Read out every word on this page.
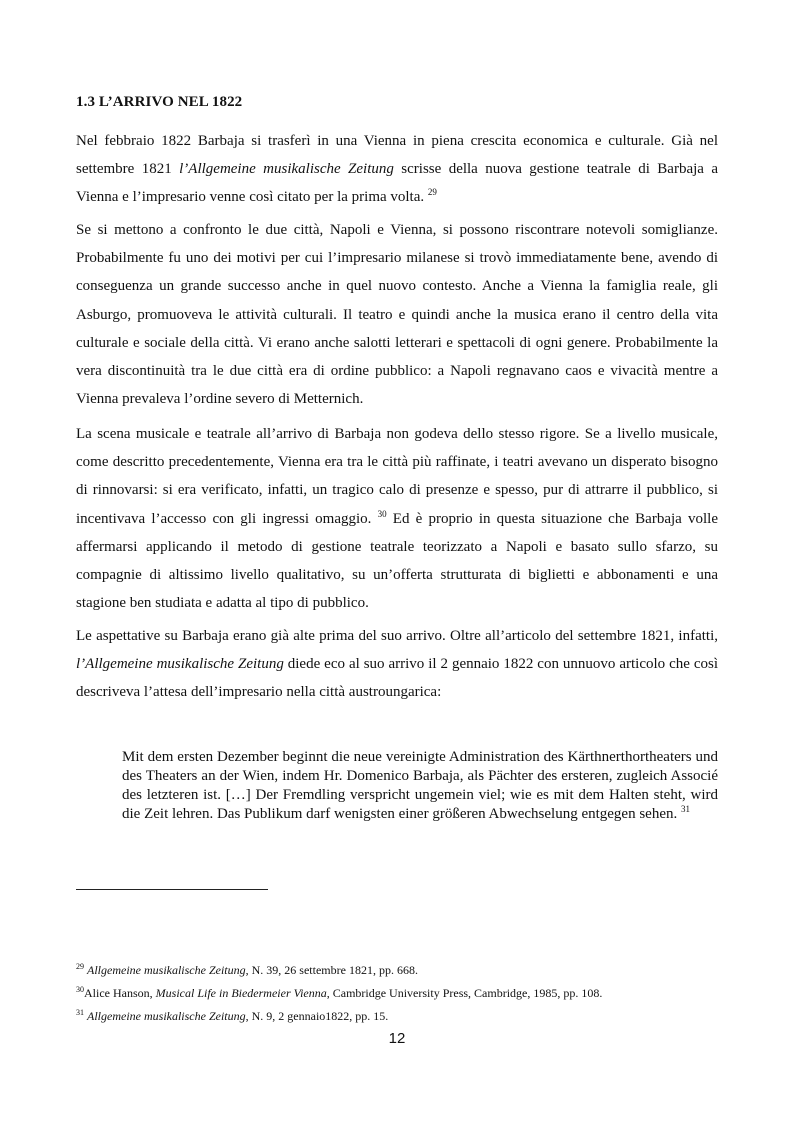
1.3 L’ARRIVO NEL 1822

Nel febbraio 1822 Barbaja si trasferì in una Vienna in piena crescita economica e culturale. Già nel settembre 1821 l’Allgemeine musikalische Zeitung scrisse della nuova gestione teatrale di Barbaja a Vienna e l’impresario venne così citato per la prima volta. $^{29}$

Se si mettono a confronto le due città, Napoli e Vienna, si possono riscontrare notevoli somiglianze. Probabilmente fu uno dei motivi per cui l’impresario milanese si trovò immediatamente bene, avendo di conseguenza un grande successo anche in quel nuovo contesto. Anche a Vienna la famiglia reale, gli Asburgo, promuoveva le attività culturali. Il teatro e quindi anche la musica erano il centro della vita culturale e sociale della città. Vi erano anche salotti letterari e spettacoli di ogni genere. Probabilmente la vera discontinuità tra le due città era di ordine pubblico: a Napoli regnavano caos e vivacità mentre a Vienna prevaleva l’ordine severo di Metternich.

La scena musicale e teatrale all’arrivo di Barbaja non godeva dello stesso rigore. Se a livello musicale, come descritto precedentemente, Vienna era tra le città più raffinate, i teatri avevano un disperato bisogno di rinnovarsi: si era verificato, infatti, un tragico calo di presenze e spesso, pur di attrarre il pubblico, si incentivava l’accesso con gli ingressi omaggio. $^{30}$ Ed è proprio in questa situazione che Barbaja volle affermarsi applicando il metodo di gestione teatrale teorizzato a Napoli e basato sullo sfarzo, su compagnie di altissimo livello qualitativo, su un’offerta strutturata di biglietti e abbonamenti e una stagione ben studiata e adatta al tipo di pubblico.

Le aspettative su Barbaja erano già alte prima del suo arrivo. Oltre all’articolo del settembre 1821, infatti, l’Allgemeine musikalische Zeitung diede eco al suo arrivo il 2 gennaio 1822 con unnuovo articolo che così descriveva l’attesa dell’impresario nella città austroungarica:

Mit dem ersten Dezember beginnt die neue vereinigte Administration des Kärthnerthortheaters und des Theaters an der Wien, indem Hr. Domenico Barbaja, als Pächter des ersteren, zugleich Associé des letzteren ist. […] Der Fremdling verspricht ungemein viel; wie es mit dem Halten steht, wird die Zeit lehren. Das Publikum darf wenigsten einer größeren Abwechselung entgegen sehen. $^{31}$

$^{29}$ Allgemeine musikalische Zeitung, N. 39, 26 settembre 1821, pp. 668.
$^{30}$Alice Hanson, Musical Life in Biedermeier Vienna, Cambridge University Press, Cambridge, 1985, pp. 108.
$^{31}$ Allgemeine musikalische Zeitung, N. 9, 2 gennaio1822, pp. 15.
12
